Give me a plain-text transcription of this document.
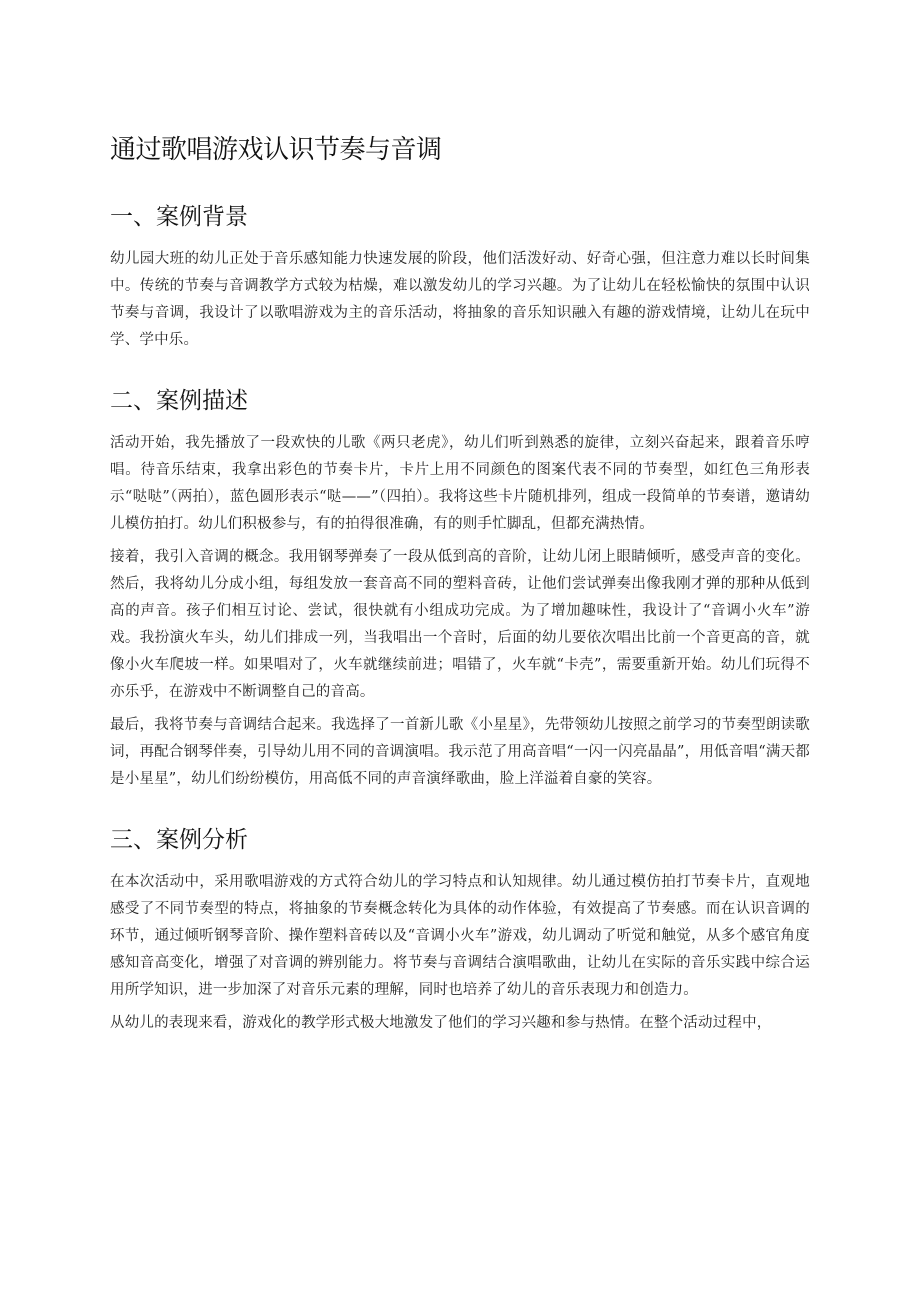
通过歌唱游戏认识节奏与音调
一、案例背景

幼儿园大班的幼儿正处于音乐感知能力快速发展的阶段，他们活泼好动、好奇心强，但注意力难以长时间集中。传统的节奏与音调教学方式较为枯燥，难以激发幼儿的学习兴趣。为了让幼儿在轻松愉快的氛围中认识节奏与音调，我设计了以歌唱游戏为主的音乐活动，将抽象的音乐知识融入有趣的游戏情境，让幼儿在玩中学、学中乐。

二、案例描述

活动开始，我先播放了一段欢快的儿歌《两只老虎》，幼儿们听到熟悉的旋律，立刻兴奋起来，跟着音乐哼唱。待音乐结束，我拿出彩色的节奏卡片，卡片上用不同颜色的图案代表不同的节奏型，如红色三角形表示“哒哒”（两拍），蓝色圆形表示“哒——”（四拍）。我将这些卡片随机排列，组成一段简单的节奏谱，邀请幼儿模仿拍打。幼儿们积极参与，有的拍得很准确，有的则手忙脚乱，但都充满热情。

接着，我引入音调的概念。我用钢琴弹奏了一段从低到高的音阶，让幼儿闭上眼睛倾听，感受声音的变化。然后，我将幼儿分成小组，每组发放一套音高不同的塑料音砖，让他们尝试弹奏出像我刚才弹的那种从低到高的声音。孩子们相互讨论、尝试，很快就有小组成功完成。为了增加趣味性，我设计了“音调小火车”游戏。我扮演火车头，幼儿们排成一列，当我唱出一个音时，后面的幼儿要依次唱出比前一个音更高的音，就像小火车爬坡一样。如果唱对了，火车就继续前进；唱错了，火车就“卡壳”，需要重新开始。幼儿们玩得不亦乐乎，在游戏中不断调整自己的音高。

最后，我将节奏与音调结合起来。我选择了一首新儿歌《小星星》，先带领幼儿按照之前学习的节奏型朗读歌词，再配合钢琴伴奏，引导幼儿用不同的音调演唱。我示范了用高音唱“一闪一闪亮晶晶”，用低音唱“满天都是小星星”，幼儿们纷纷模仿，用高低不同的声音演绎歌曲，脸上洋溢着自豪的笑容。

三、案例分析

在本次活动中，采用歌唱游戏的方式符合幼儿的学习特点和认知规律。幼儿通过模仿拍打节奏卡片，直观地感受了不同节奏型的特点，将抽象的节奏概念转化为具体的动作体验，有效提高了节奏感。而在认识音调的环节，通过倾听钢琴音阶、操作塑料音砖以及“音调小火车”游戏，幼儿调动了听觉和触觉，从多个感官角度感知音高变化，增强了对音调的辨别能力。将节奏与音调结合演唱歌曲，让幼儿在实际的音乐实践中综合运用所学知识，进一步加深了对音乐元素的理解，同时也培养了幼儿的音乐表现力和创造力。

从幼儿的表现来看，游戏化的教学形式极大地激发了他们的学习兴趣和参与热情。在整个活动过程中，
